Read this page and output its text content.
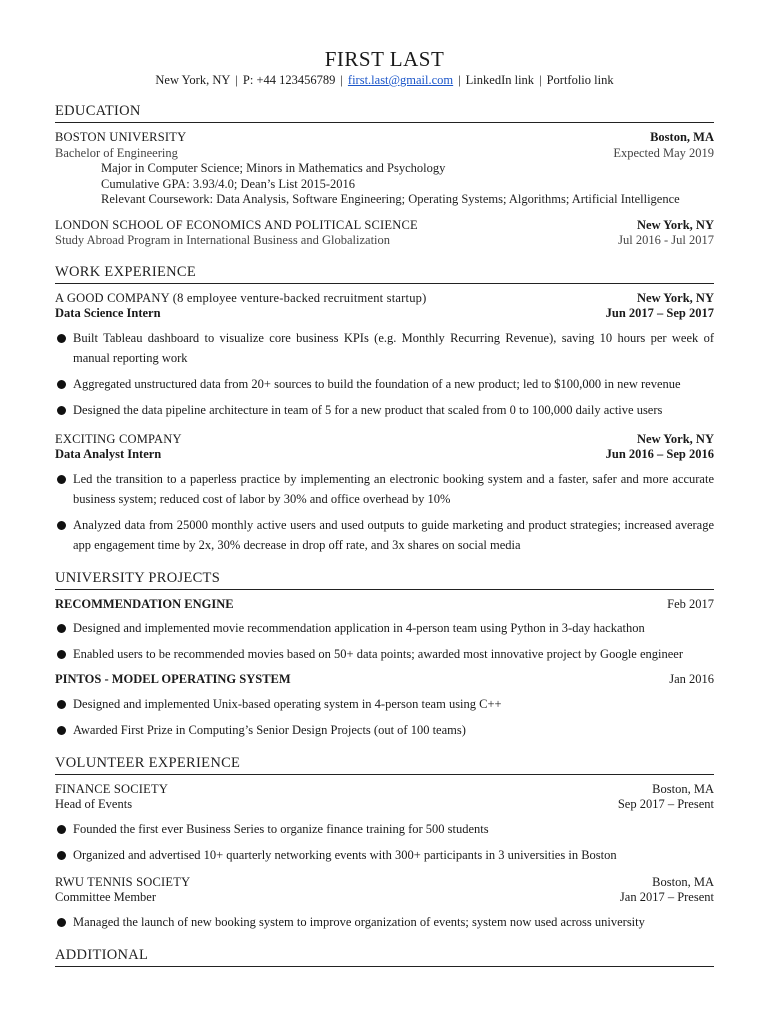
FIRST LAST
New York, NY | P: +44 123456789 | first.last@gmail.com | LinkedIn link | Portfolio link
EDUCATION
BOSTON UNIVERSITY	Boston, MA
Bachelor of Engineering	Expected May 2019
Major in Computer Science; Minors in Mathematics and Psychology
Cumulative GPA: 3.93/4.0; Dean’s List 2015-2016
Relevant Coursework: Data Analysis, Software Engineering; Operating Systems; Algorithms; Artificial Intelligence
LONDON SCHOOL OF ECONOMICS AND POLITICAL SCIENCE	New York, NY
Study Abroad Program in International Business and Globalization	Jul 2016 - Jul 2017
WORK EXPERIENCE
A GOOD COMPANY (8 employee venture-backed recruitment startup)	New York, NY
Data Science Intern	Jun 2017 – Sep 2017
Built Tableau dashboard to visualize core business KPIs (e.g. Monthly Recurring Revenue), saving 10 hours per week of manual reporting work
Aggregated unstructured data from 20+ sources to build the foundation of a new product; led to $100,000 in new revenue
Designed the data pipeline architecture in team of 5 for a new product that scaled from 0 to 100,000 daily active users
EXCITING COMPANY	New York, NY
Data Analyst Intern	Jun 2016 – Sep 2016
Led the transition to a paperless practice by implementing an electronic booking system and a faster, safer and more accurate business system; reduced cost of labor by 30% and office overhead by 10%
Analyzed data from 25000 monthly active users and used outputs to guide marketing and product strategies; increased average app engagement time by 2x, 30% decrease in drop off rate, and 3x shares on social media
UNIVERSITY PROJECTS
RECOMMENDATION ENGINE	Feb 2017
Designed and implemented movie recommendation application in 4-person team using Python in 3-day hackathon
Enabled users to be recommended movies based on 50+ data points; awarded most innovative project by Google engineer
PINTOS - MODEL OPERATING SYSTEM	Jan 2016
Designed and implemented Unix-based operating system in 4-person team using C++
Awarded First Prize in Computing’s Senior Design Projects (out of 100 teams)
VOLUNTEER EXPERIENCE
FINANCE SOCIETY	Boston, MA
Head of Events	Sep 2017 – Present
Founded the first ever Business Series to organize finance training for 500 students
Organized and advertised 10+ quarterly networking events with 300+ participants in 3 universities in Boston
RWU TENNIS SOCIETY	Boston, MA
Committee Member	Jan 2017 – Present
Managed the launch of new booking system to improve organization of events; system now used across university
ADDITIONAL
